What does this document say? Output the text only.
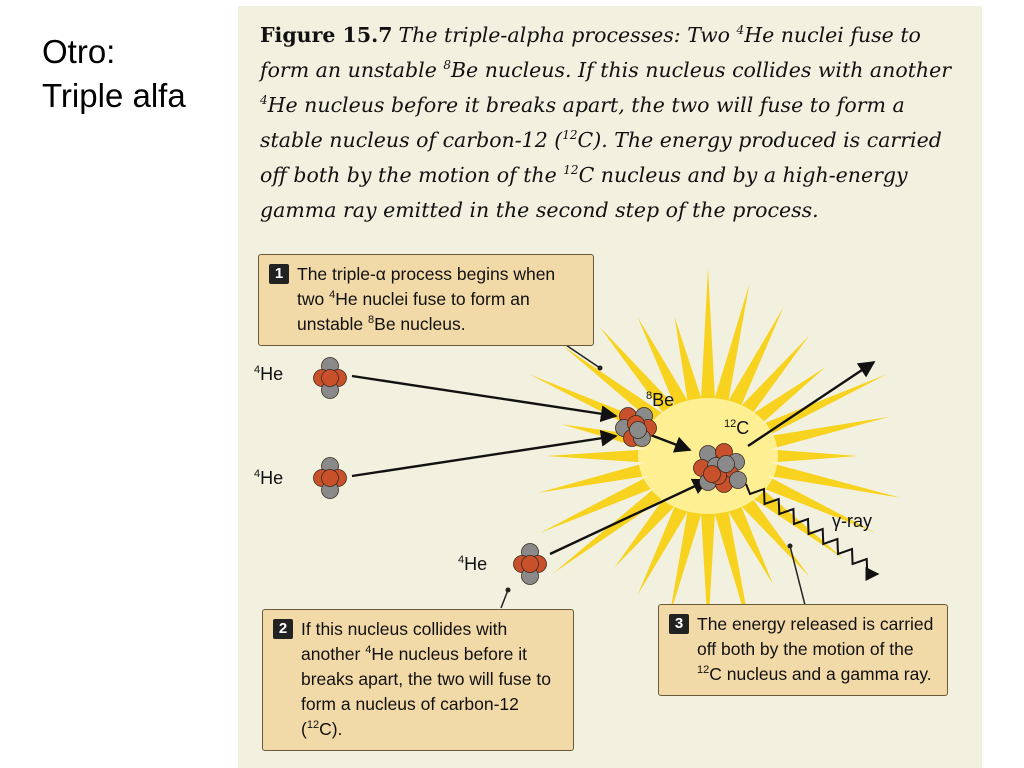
Otro:
Triple alfa
Figure 15.7 The triple-alpha processes: Two $^4$He nuclei fuse to form an unstable $^8$Be nucleus. If this nucleus collides with another $^4$He nucleus before it breaks apart, the two will fuse to form a stable nucleus of carbon-12 ($^{12}$C). The energy produced is carried off both by the motion of the $^{12}$C nucleus and by a high-energy gamma ray emitted in the second step of the process.
$^4$He
$^4$He
$^4$He
$^8$Be
$^{12}$C
γ-ray
1 The triple-α process begins when two $^4$He nuclei fuse to form an unstable $^8$Be nucleus.
2 If this nucleus collides with another $^4$He nucleus before it breaks apart, the two will fuse to form a nucleus of carbon-12 ($^{12}$C).
3 The energy released is carried off both by the motion of the $^{12}$C nucleus and a gamma ray.
